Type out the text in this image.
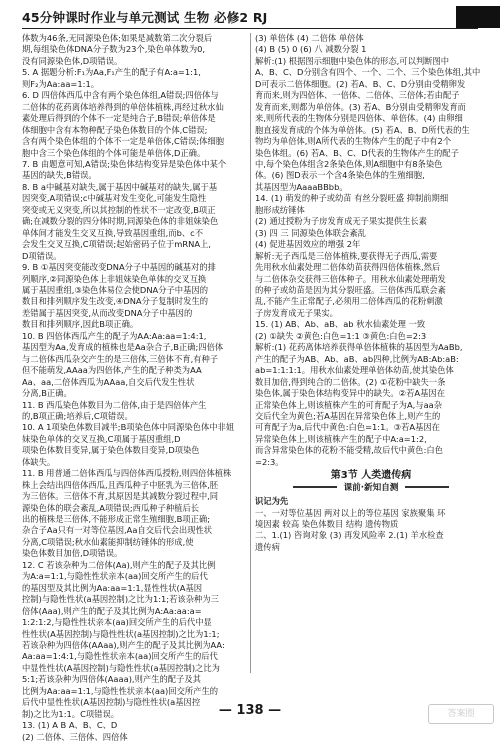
45分钟课时作业与单元测试 生物 必修2 RJ
体数为46条,无同源染色体;如果是减数第二次分裂后
期,每组染色体DNA分子数为23个,染色单体数为0,
没有同源染色体,D项错误。
5. A 据题分析:F₁为Aa,F₁产生的配子有A:a=1:1,
则F₂为Aa:aa=1:1。
6. D 四倍体西瓜中含有两个染色体组,A错误;四倍体与
二倍体的花药离体培养得到的单倍体植株,再经过秋水仙
素处理后得到的个体不一定是纯合子,B错误;单倍体是
体细胞中含有本物种配子染色体数目的个体,C错误;
含有两个染色体组的个体不一定是单倍体,C错误;体细胞
胞中含三个染色体组的个体可能是单倍体,D正确。
7. B 由题意可知,A错误;染色体结构变异是染色体中某个
基因的缺失,B错误。
8. B a中碱基对缺失,属于基因中碱基对的缺失,属于基
因突变,A项错误;c中碱基对发生变化,可能发生隐性
突变或无义突变,所以其控制的性状不一定改变,B项正
确;在减数分裂的四分体时期,同源染色体的非姐妹染色
单体间才能发生交叉互换,导致基因重组,而b、c不
会发生交叉互换,C项错误;起始密码子位于mRNA上,
D项错误。
9. B ①基因突变能改变DNA分子中基因的碱基对的排
列顺序,②同源染色体上非姐妹染色单体的交叉互换
属于基因重组,③染色体易位会使DNA分子中基因的
数目和排列顺序发生改变,④DNA分子复制时发生的
差错属于基因突变,从而改变DNA分子中基因的
数目和排列顺序,因此B项正确。
10. B 四倍体西瓜产生的配子为AA:Aa:aa=1:4:1,
基因型为Aa,发育成的植株也是Aa杂合子,B正确;四倍体
与二倍体西瓜杂交产生的是三倍体,三倍体不育,有种子
但不能萌发,AAaa为四倍体,产生的配子种类为AA
Aa、aa,二倍体西瓜为AAaa,自交后代发生性状
分离,B正确。
11. B 西瓜染色体数目为二倍体,由于是四倍体产生
的,B项正确;培养后,C项错误。
10. A 1项染色体数目减半;B项染色体中同源染色体中非姐
妹染色单体的交叉互换,C项属于基因重组,D
项染色体数目变异,属于染色体数目变异,D项染色
体缺失。
11. B 用普通二倍体西瓜与四倍体西瓜授粉,则四倍体植株
株上会结出四倍体西瓜,且西瓜种子中胚乳为三倍体,胚
为三倍体。三倍体不育,其原因是其减数分裂过程中,同
源染色体的联会紊乱,A项错误;西瓜种子种植后长
出的植株是三倍体,不能形成正常生殖细胞,B项正确;
杂合子Aa只有一对等位基因,Aa自交后代会出现性状
分离,C项错误;秋水仙素能抑制纺锤体的形成,使
染色体数目加倍,D项错误。
12. C 若该杂种为二倍体(Aa),则产生的配子及其比例
为A:a=1:1,与隐性性状亲本(aa)回交所产生的后代
的基因型及其比例为Aa:aa=1:1,显性性状(A基因
控制)与隐性性状(a基因控制)之比为1:1;若该杂种为三
倍体(Aaa),则产生的配子及其比例为A:Aa:aa:a=
1:2:1:2,与隐性性状亲本(aa)回交所产生的后代中显
性性状(A基因控制)与隐性性状(a基因控制)之比为1:1;
若该杂种为四倍体(AAaa),则产生的配子及其比例为AA:
Aa:aa=1:4:1,与隐性性状亲本(aa)回交所产生的后代
中显性性状(A基因控制)与隐性性状(a基因控制)之比为
5:1;若该杂种为四倍体(Aaaa),则产生的配子及其
比例为Aa:aa=1:1,与隐性性状亲本(aa)回交所产生的
后代中显性性状(A基因控制)与隐性性状(a基因控
制)之比为1:1。C项错误。
13. (1) A B A、B、C、D
(2) 二倍体、三倍体、四倍体
(3) 单倍体 (4) 二倍体 单倍体
(4) B (5) 0 (6) 八 减数分裂 1
解析:(1) 根据图示细胞中染色体的形态,可以判断图中
A、B、C、D分别含有四个、一个、二个、三个染色体组,其中
D可表示二倍体细胞。(2) 若A、B、C、D分别由受精卵发
育而来,则为四倍体、一倍体、二倍体、三倍体;若由配子
发育而来,则都为单倍体。(3) 若A、B分别由受精卵发育而
来,则所代表的生物体分别是四倍体、单倍体。(4) 由卵细
胞直接发育成的个体为单倍体。(5) 若A、B、D所代表的生
物均为单倍体,则A所代表的生物体产生的配子中有2个
染色体组。(6) 若A、B、C、D代表的生物体产生的配子
中,每个染色体组含2条染色体,则A细胞中有8条染色
体。(6) 图D表示一个含4条染色体的生殖细胞,
其基因型为AaaaBBbb。
14. (1) 萌发的种子或幼苗 有丝分裂旺盛 抑制前期细
胞形成纺锤体
(2) 通过授粉为子房发育成无子果实提供生长素
(3) 四 三 同源染色体联会紊乱
(4) 促进基因效应的增强 2年
解析:无子西瓜是三倍体植株,要获得无子西瓜,需要
先用秋水仙素处理二倍体幼苗获得四倍体植株,然后
与二倍体杂交获得三倍体种子。用秋水仙素处理萌发
的种子或幼苗是因为其分裂旺盛。三倍体西瓜联会紊
乱,不能产生正常配子,必须用二倍体西瓜的花粉刺激
子房发育成无子果实。
15. (1) AB、Ab、aB、ab 秋水仙素处理 一致
(2) ①缺失 ②黄色:白色=1:1 ③黄色:白色=2:3
解析:(1) 花药离体培养获得单倍体植株的基因型为AaBb,
产生的配子为AB、Ab、aB、ab四种,比例为AB:Ab:aB:
ab=1:1:1:1。用秋水仙素处理单倍体幼苗,使其染色体
数目加倍,得到纯合的二倍体。(2) ①花粉中缺失一条
染色体,属于染色体结构变异中的缺失。②若A基因在
正常染色体上,则该植株产生的可育配子为A,与aa杂
交后代全为黄色;若A基因在异常染色体上,则产生的
可育配子为a,后代中黄色:白色=1:1。③若A基因在
异常染色体上,则该植株产生的配子中A:a=1:2,
而含异常染色体的花粉不能受精,故后代中黄色:白色
=2:3。
第3节 人类遗传病
课前·新知自测
识记为先
一、一对等位基因 两对以上的等位基因 家族聚集 环
境因素 较高 染色体数目 结构 遗传物质
二、1.(1) 咨询对象 (3) 再发风险率 2.(1) 羊水检查
遗传病
— 138 —	答案圈
